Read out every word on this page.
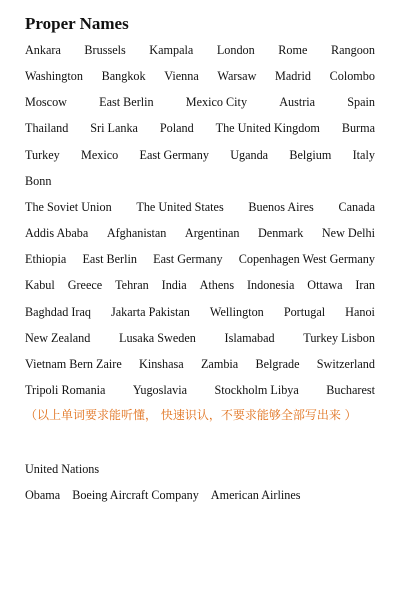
Proper Names
Ankara Brussels Kampala London Rome Rangoon
Washington Bangkok Vienna Warsaw Madrid Colombo
Moscow	East Berlin	Mexico City	Austria	Spain
Thailand Sri Lanka Poland The United Kingdom Burma
Turkey Mexico East Germany Uganda Belgium Italy
Bonn
The Soviet Union The United States Buenos Aires Canada
Addis Ababa Afghanistan Argentinan Denmark New Delhi
Ethiopia East Berlin East Germany Copenhagen West Germany
Kabul Greece Tehran India Athens Indonesia Ottawa Iran
Baghdad Iraq Jakarta Pakistan Wellington Portugal Hanoi
New Zealand Lusaka Sweden Islamabad Turkey Lisbon
Vietnam Bern Zaire Kinshasa Zambia Belgrade Switzerland
Tripoli Romania Yugoslavia Stockholm Libya Bucharest
（以上单词要求能听懂， 快速识认，不要求能够全部写出来 ）
United Nations
Obama Boeing Aircraft Company American Airlines
